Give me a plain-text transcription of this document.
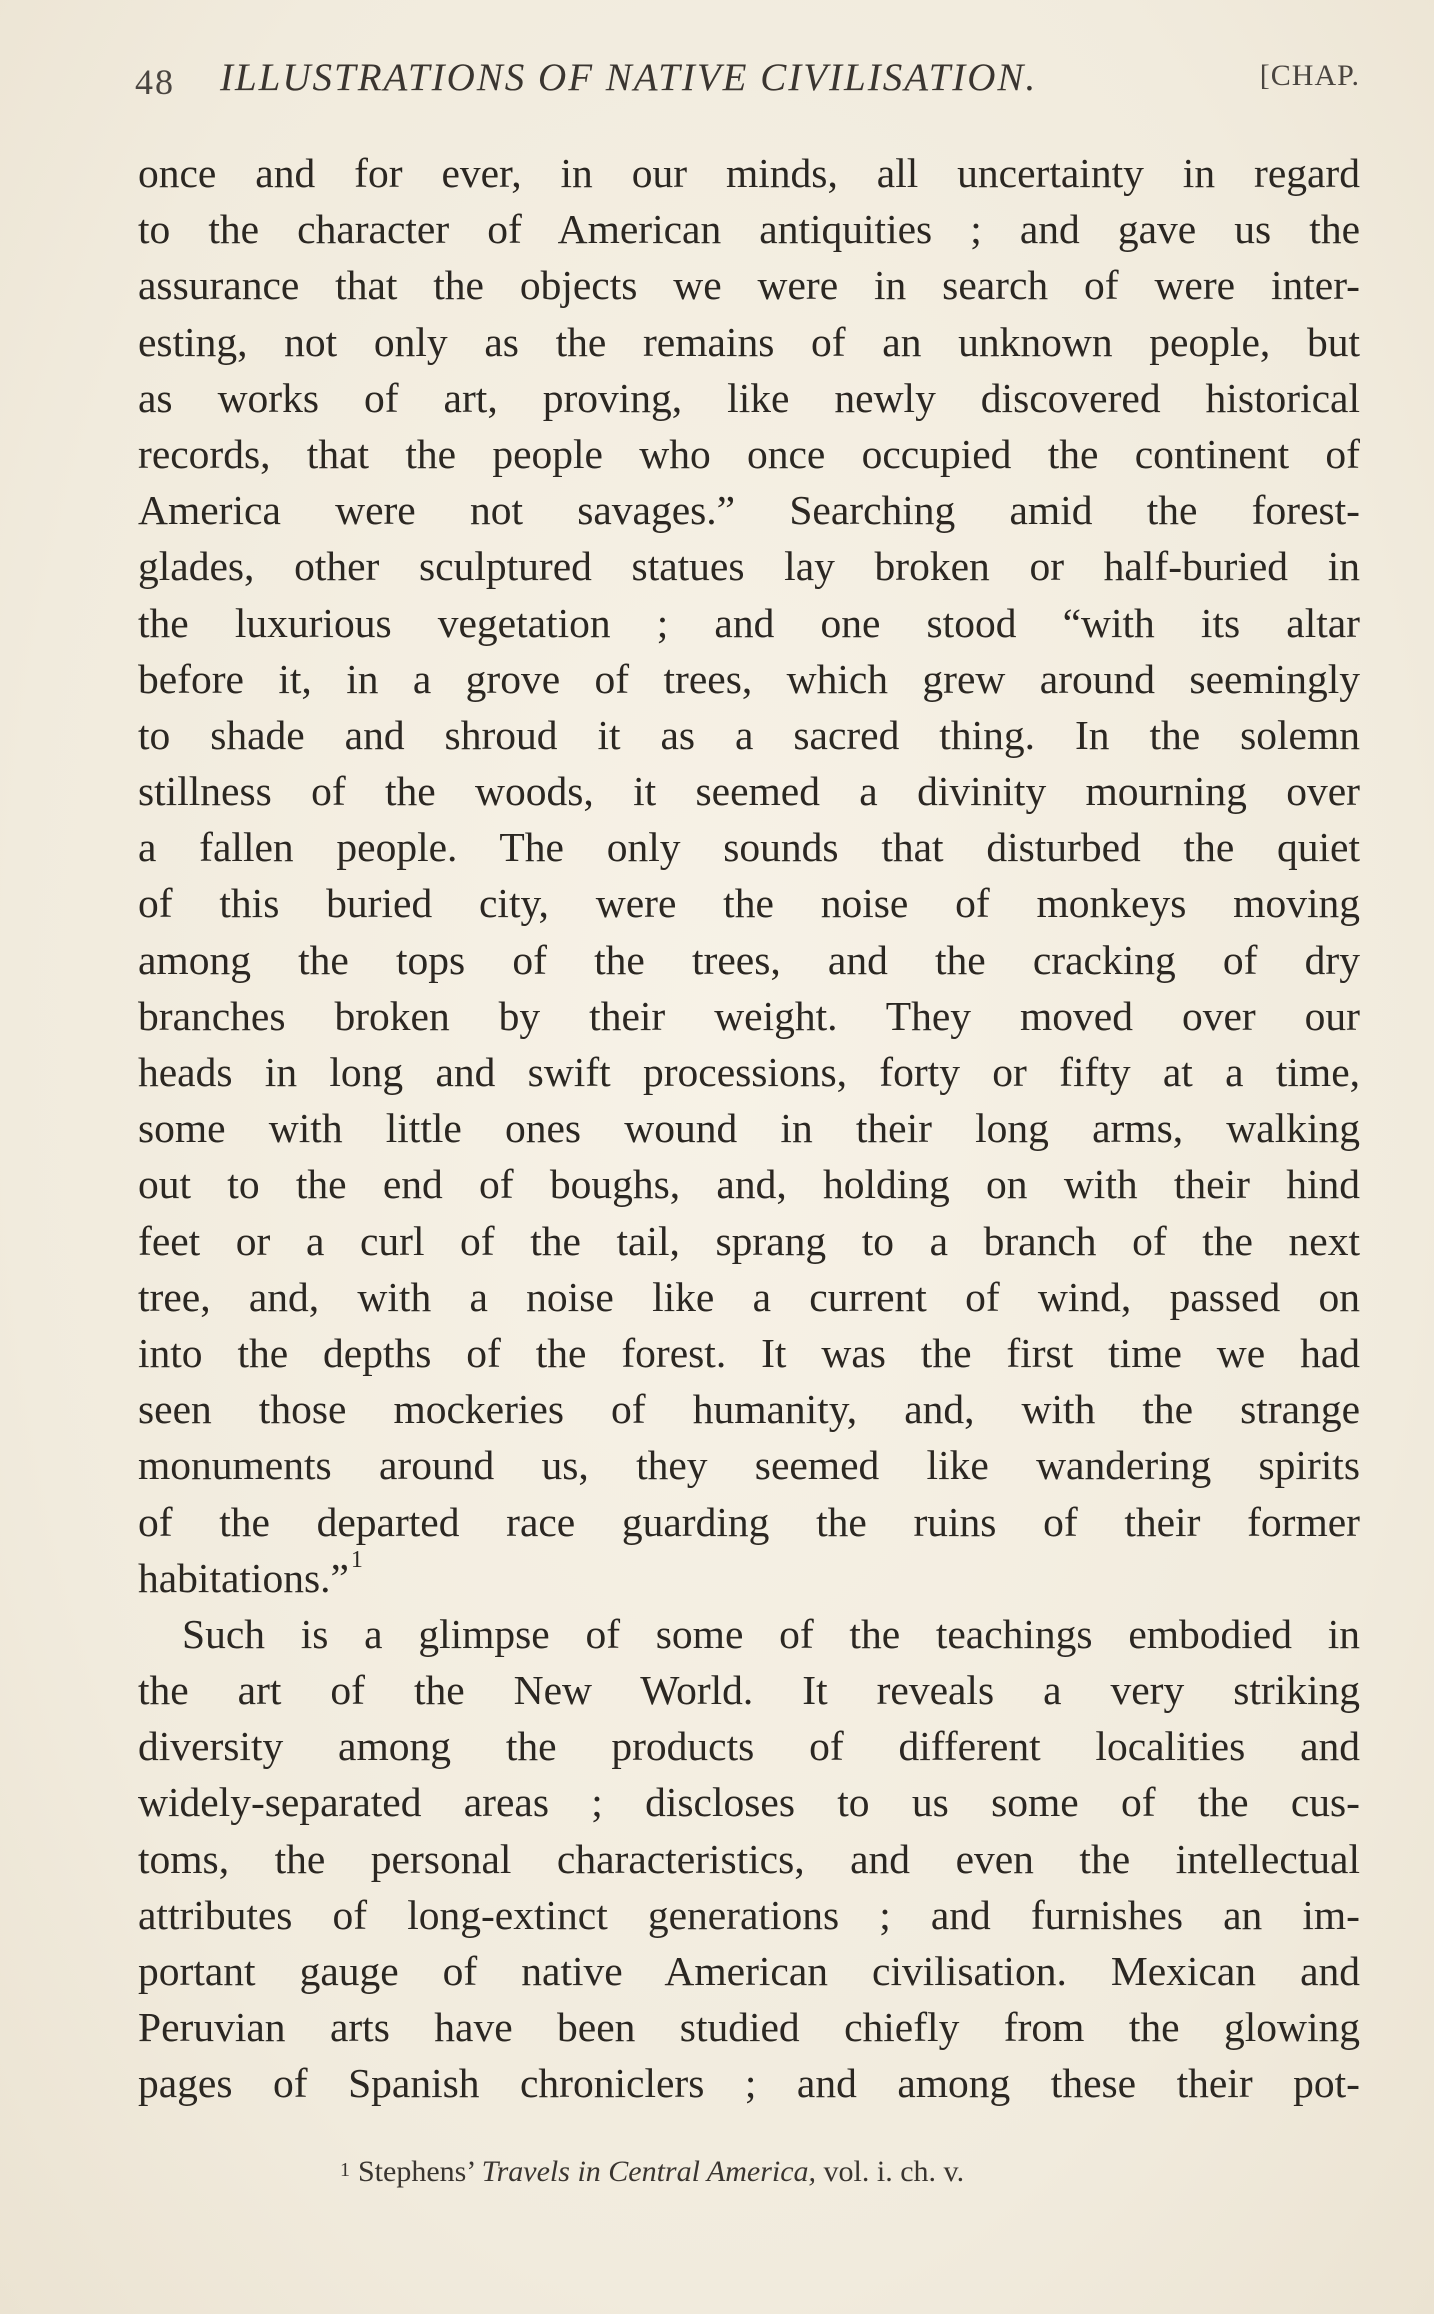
48 ILLUSTRATIONS OF NATIVE CIVILISATION.	[CHAP.
once and for ever, in our minds, all uncertainty in regard
to the character of American antiquities ; and gave us the
assurance that the objects we were in search of were inter-
esting, not only as the remains of an unknown people, but
as works of art, proving, like newly discovered historical
records, that the people who once occupied the continent of
America were not savages.” Searching amid the forest-
glades, other sculptured statues lay broken or half-buried in
the luxurious vegetation ; and one stood “with its altar
before it, in a grove of trees, which grew around seemingly
to shade and shroud it as a sacred thing. In the solemn
stillness of the woods, it seemed a divinity mourning over
a fallen people. The only sounds that disturbed the quiet
of this buried city, were the noise of monkeys moving
among the tops of the trees, and the cracking of dry
branches broken by their weight. They moved over our
heads in long and swift processions, forty or fifty at a time,
some with little ones wound in their long arms, walking
out to the end of boughs, and, holding on with their hind
feet or a curl of the tail, sprang to a branch of the next
tree, and, with a noise like a current of wind, passed on
into the depths of the forest. It was the first time we had
seen those mockeries of humanity, and, with the strange
monuments around us, they seemed like wandering spirits
of the departed race guarding the ruins of their former
habitations.”$^1$
Such is a glimpse of some of the teachings embodied in
the art of the New World. It reveals a very striking
diversity among the products of different localities and
widely-separated areas ; discloses to us some of the cus-
toms, the personal characteristics, and even the intellectual
attributes of long-extinct generations ; and furnishes an im-
portant gauge of native American civilisation. Mexican and
Peruvian arts have been studied chiefly from the glowing
pages of Spanish chroniclers ; and among these their pot-
$^1$ Stephens’ Travels in Central America, vol. i. ch. v.
